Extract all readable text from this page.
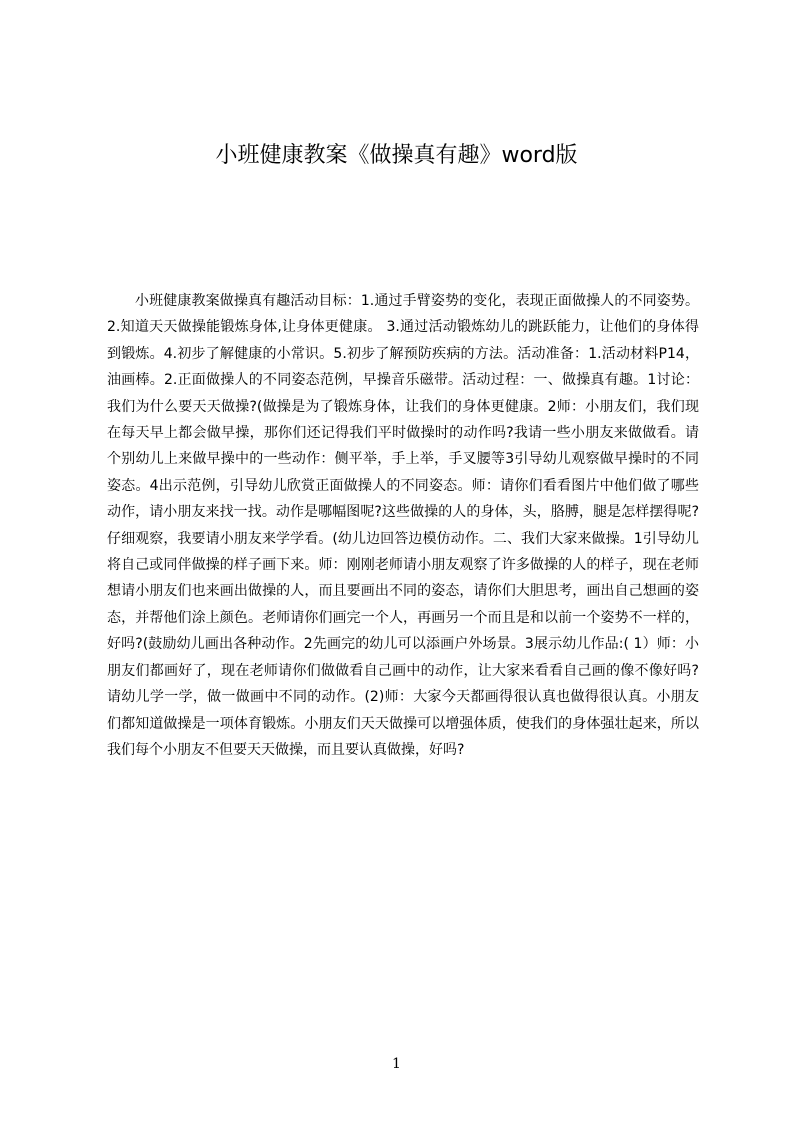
小班健康教案《做操真有趣》word版

小班健康教案做操真有趣活动目标：1.通过手臂姿势的变化，表现正面做操人的不同姿势。2.知道天天做操能锻炼身体,让身体更健康。 3.通过活动锻炼幼儿的跳跃能力，让他们的身体得到锻炼。4.初步了解健康的小常识。5.初步了解预防疾病的方法。活动准备：1.活动材料P14，油画棒。2.正面做操人的不同姿态范例，早操音乐磁带。活动过程：一、做操真有趣。1讨论：我们为什么要天天做操?(做操是为了锻炼身体，让我们的身体更健康。2师：小朋友们，我们现在每天早上都会做早操，那你们还记得我们平时做操时的动作吗?我请一些小朋友来做做看。请个别幼儿上来做早操中的一些动作：侧平举，手上举，手叉腰等3引导幼儿观察做早操时的不同姿态。4出示范例，引导幼儿欣赏正面做操人的不同姿态。师：请你们看看图片中他们做了哪些动作，请小朋友来找一找。动作是哪幅图呢?这些做操的人的身体，头，胳膊，腿是怎样摆得呢?仔细观察，我要请小朋友来学学看。(幼儿边回答边模仿动作。二、我们大家来做操。1引导幼儿将自己或同伴做操的样子画下来。师：刚刚老师请小朋友观察了许多做操的人的样子，现在老师想请小朋友们也来画出做操的人，而且要画出不同的姿态，请你们大胆思考，画出自己想画的姿态，并帮他们涂上颜色。老师请你们画完一个人，再画另一个而且是和以前一个姿势不一样的，好吗?(鼓励幼儿画出各种动作。2先画完的幼儿可以添画户外场景。3展示幼儿作品:( 1）师：小朋友们都画好了，现在老师请你们做做看自己画中的动作，让大家来看看自己画的像不像好吗?请幼儿学一学，做一做画中不同的动作。(2)师：大家今天都画得很认真也做得很认真。小朋友们都知道做操是一项体育锻炼。小朋友们天天做操可以增强体质，使我们的身体强壮起来，所以我们每个小朋友不但要天天做操，而且要认真做操，好吗?

1
